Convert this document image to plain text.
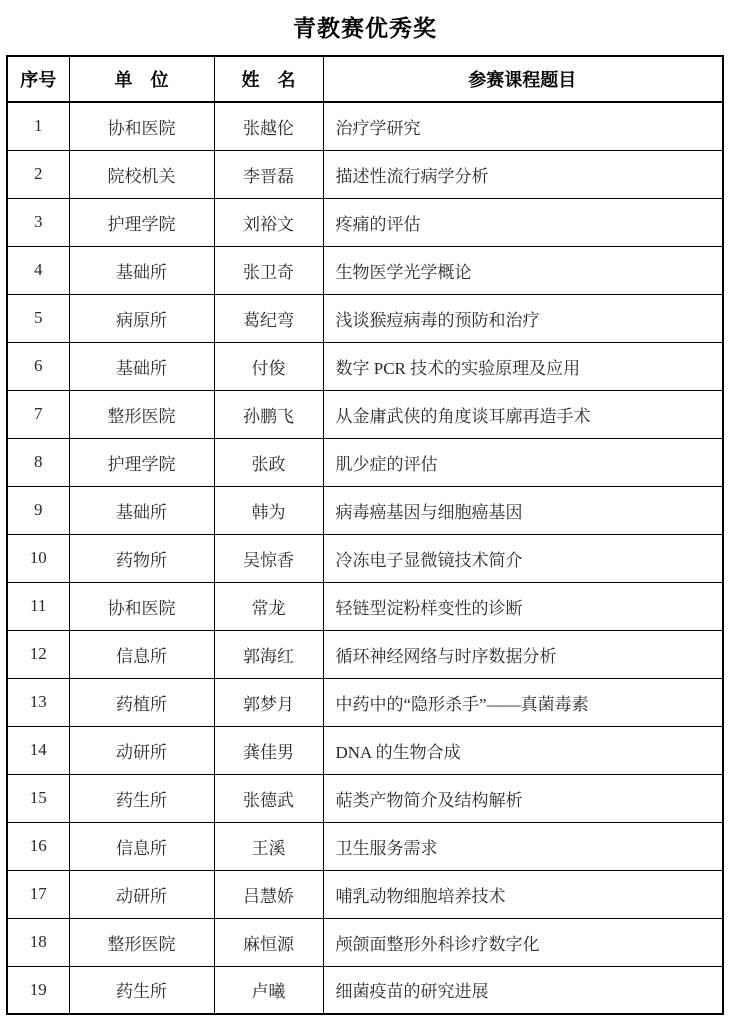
青教赛优秀奖
序号	单　位	姓　名	参赛课程题目
1	协和医院	张越伦	治疗学研究
2	院校机关	李晋磊	描述性流行病学分析
3	护理学院	刘裕文	疼痛的评估
4	基础所	张卫奇	生物医学光学概论
5	病原所	葛纪弯	浅谈猴痘病毒的预防和治疗
6	基础所	付俊	数字 PCR 技术的实验原理及应用
7	整形医院	孙鹏飞	从金庸武侠的角度谈耳廓再造手术
8	护理学院	张政	肌少症的评估
9	基础所	韩为	病毒癌基因与细胞癌基因
10	药物所	吴惊香	冷冻电子显微镜技术简介
11	协和医院	常龙	轻链型淀粉样变性的诊断
12	信息所	郭海红	循环神经网络与时序数据分析
13	药植所	郭梦月	中药中的“隐形杀手”——真菌毒素
14	动研所	龚佳男	DNA 的生物合成
15	药生所	张德武	萜类产物简介及结构解析
16	信息所	王溪	卫生服务需求
17	动研所	吕慧娇	哺乳动物细胞培养技术
18	整形医院	麻恒源	颅颌面整形外科诊疗数字化
19	药生所	卢曦	细菌疫苗的研究进展
